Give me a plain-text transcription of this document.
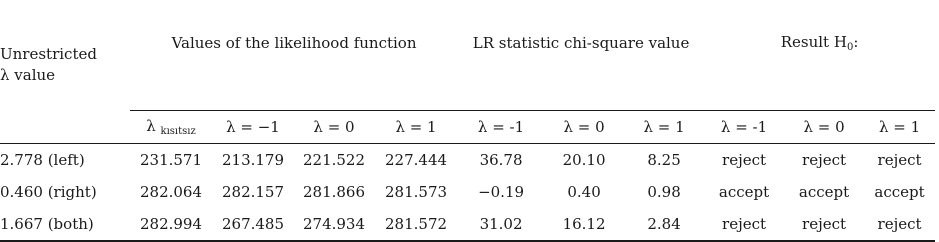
Unrestricted
λ value	Values of the likelihood function				LR statistic chi-square value			Result $H_0$:		
	λ $_{kısıtsız}$	λ = −1	λ = 0	λ = 1	λ = -1	λ = 0	λ = 1	λ = -1	λ = 0	λ = 1
2.778 (left)	231.571	213.179	221.522	227.444	36.78	20.10	8.25	reject	reject	reject
0.460 (right)	282.064	282.157	281.866	281.573	−0.19	0.40	0.98	accept	accept	accept
1.667 (both)	282.994	267.485	274.934	281.572	31.02	16.12	2.84	reject	reject	reject
